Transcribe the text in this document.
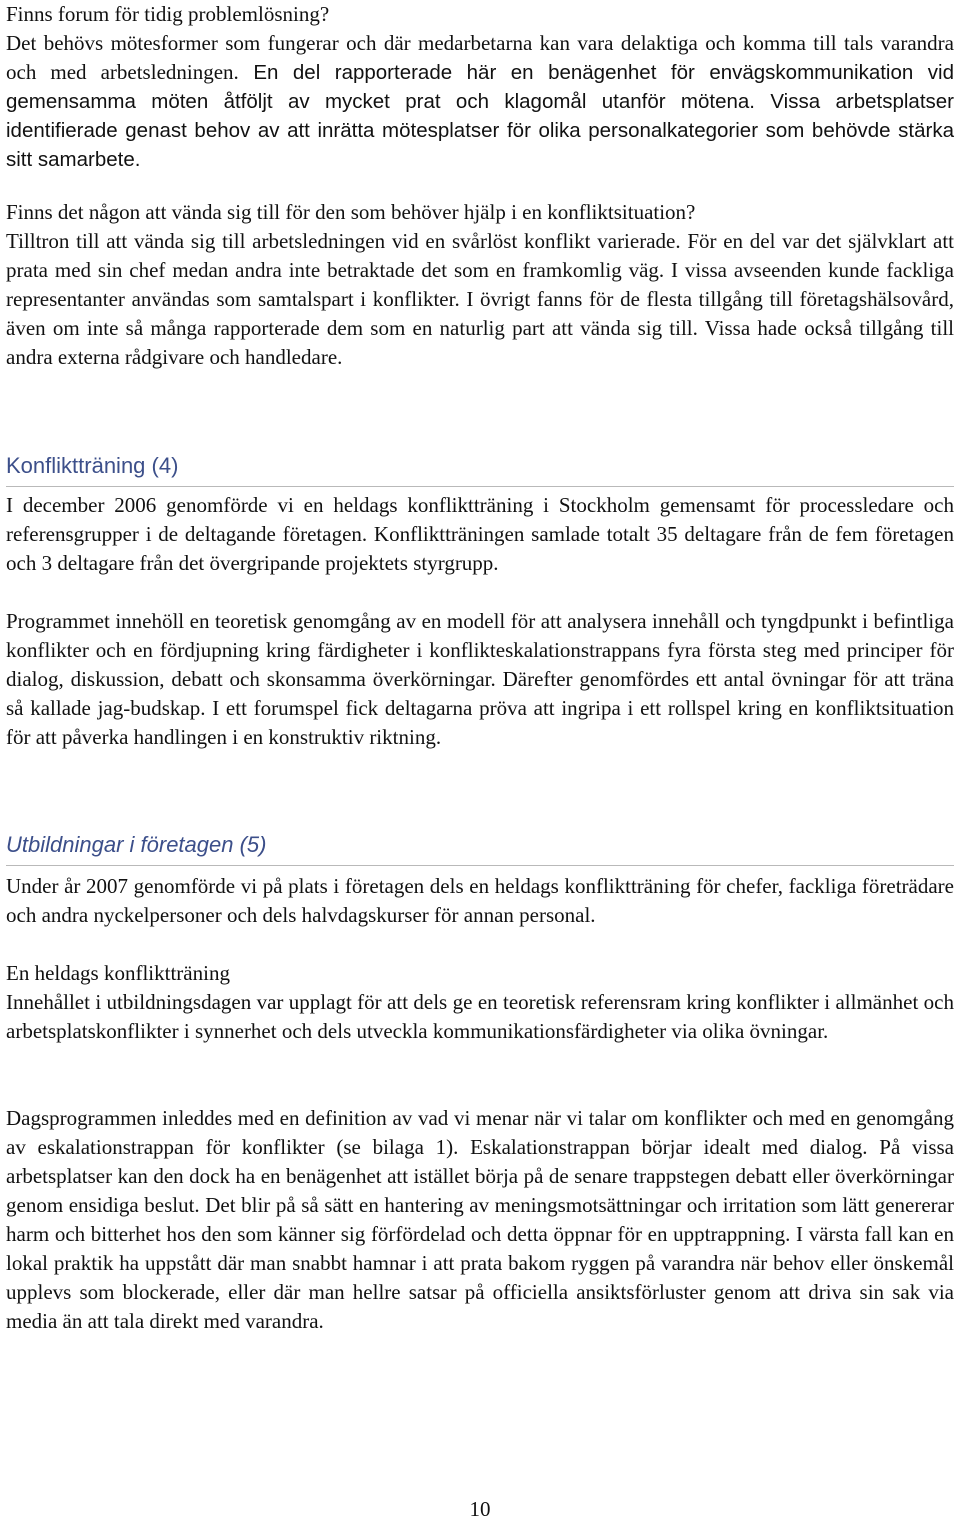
Finns forum för tidig problemlösning?

Det behövs mötesformer som fungerar och där medarbetarna kan vara delaktiga och komma till tals varandra och med arbetsledningen. En del rapporterade här en benägenhet för envägskommunikation vid gemensamma möten åtföljt av mycket prat och klagomål utanför mötena. Vissa arbetsplatser identifierade genast behov av att inrätta mötesplatser för olika personalkategorier som behövde stärka sitt samarbete.

Finns det någon att vända sig till för den som behöver hjälp i en konfliktsituation?

Tilltron till att vända sig till arbetsledningen vid en svårlöst konflikt varierade. För en del var det självklart att prata med sin chef medan andra inte betraktade det som en framkomlig väg. I vissa avseenden kunde fackliga representanter användas som samtalspart i konflikter. I övrigt fanns för de flesta tillgång till företagshälsovård, även om inte så många rapporterade dem som en naturlig part att vända sig till. Vissa hade också tillgång till andra externa rådgivare och handledare.

Konfliktträning (4)

I december 2006 genomförde vi en heldags konfliktträning i Stockholm gemensamt för processledare och referensgrupper i de deltagande företagen. Konfliktträningen samlade totalt 35 deltagare från de fem företagen och 3 deltagare från det övergripande projektets styrgrupp.

Programmet innehöll en teoretisk genomgång av en modell för att analysera innehåll och tyngdpunkt i befintliga konflikter och en fördjupning kring färdigheter i konflikteskalationstrappans fyra första steg med principer för dialog, diskussion, debatt och skonsamma överkörningar. Därefter genomfördes ett antal övningar för att träna så kallade jag-budskap. I ett forumspel fick deltagarna pröva att ingripa i ett rollspel kring en konfliktsituation för att påverka handlingen i en konstruktiv riktning.

Utbildningar i företagen (5)

Under år 2007 genomförde vi på plats i företagen dels en heldags konfliktträning för chefer, fackliga företrädare och andra nyckelpersoner och dels halvdagskurser för annan personal.

En heldags konfliktträning

Innehållet i utbildningsdagen var upplagt för att dels ge en teoretisk referensram kring konflikter i allmänhet och arbetsplatskonflikter i synnerhet och dels utveckla kommunikationsfärdigheter via olika övningar.

Dagsprogrammen inleddes med en definition av vad vi menar när vi talar om konflikter och med en genomgång av eskalationstrappan för konflikter (se bilaga 1). Eskalationstrappan börjar idealt med dialog. På vissa arbetsplatser kan den dock ha en benägenhet att istället börja på de senare trappstegen debatt eller överkörningar genom ensidiga beslut. Det blir på så sätt en hantering av meningsmotsättningar och irritation som lätt genererar harm och bitterhet hos den som känner sig förfördelad och detta öppnar för en upptrappning. I värsta fall kan en lokal praktik ha uppstått där man snabbt hamnar i att prata bakom ryggen på varandra när behov eller önskemål upplevs som blockerade, eller där man hellre satsar på officiella ansiktsförluster genom att driva sin sak via media än att tala direkt med varandra.

10
